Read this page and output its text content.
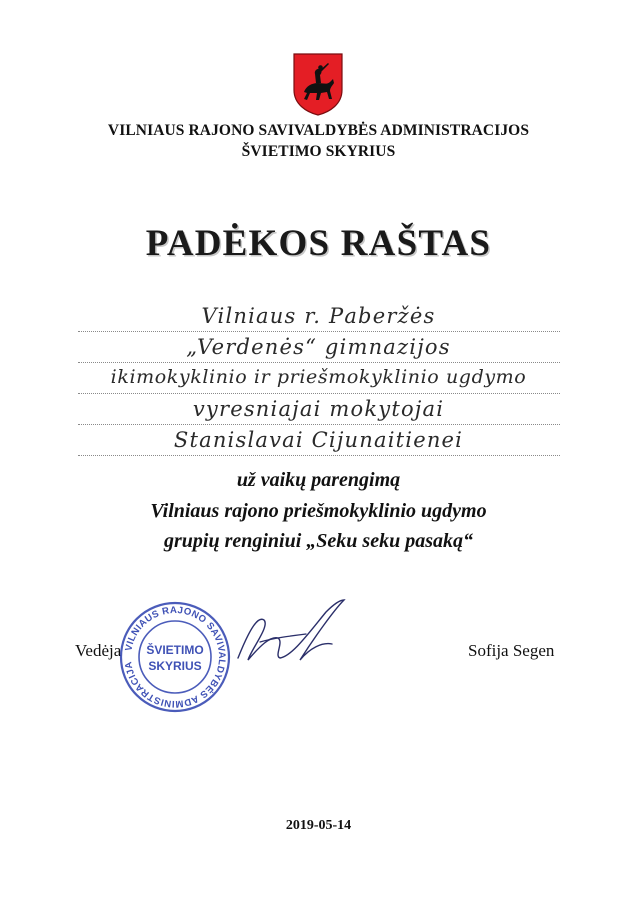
VILNIAUS RAJONO SAVIVALDYBĖS ADMINISTRACIJOS
ŠVIETIMO SKYRIUS
PADĖKOS RAŠTAS
Vilniaus r. Pаberžės
„Verdenės“ gimnazijos
ikimokyklinio ir priešmokyklinio ugdymo
vyresniajai mokytojai
Stanislavai Cijunaitienei
už vaikų parengimą
Vilniaus rajono priešmokyklinio ugdymo
grupių renginiui „Seku seku pasaką“
Vedėja	Sofija Segen
VILNIAUS RAJONO SAVIVALDYBĖS ADMINISTRACIJA
ŠVIETIMO
SKYRIUS
2019-05-14
